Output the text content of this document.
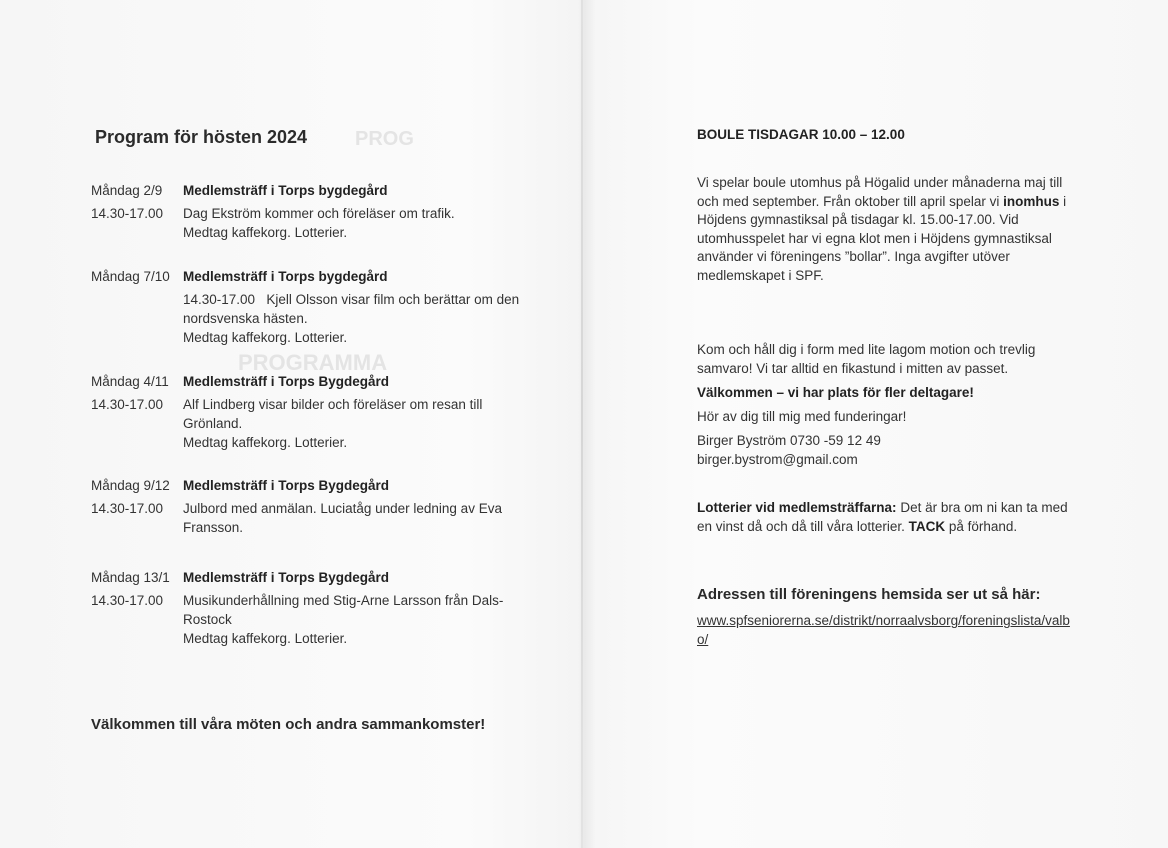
PROG
PROGRAMMA
Program för hösten 2024
Måndag 2/9	Medlemsträff i Torps bygdegård
14.30-17.00	Dag Ekström kommer och föreläser om trafik.
Medtag kaffekorg. Lotterier.
Måndag 7/10 Medlemsträff i Torps bygdegård
14.30-17.00 Kjell Olsson visar film och berättar om den
nordsvenska hästen.
Medtag kaffekorg. Lotterier.
Måndag 4/11	Medlemsträff i Torps Bygdegård
14.30-17.00	Alf Lindberg visar bilder och föreläser om resan till
Grönland.
Medtag kaffekorg. Lotterier.
Måndag 9/12 Medlemsträff i Torps Bygdegård
14.30-17.00	Julbord med anmälan. Luciatåg under ledning av Eva
Fransson.
Måndag 13/1 Medlemsträff i Torps Bygdegård
14.30-17.00	Musikunderhållning med Stig-Arne Larsson från Dals-
Rostock
Medtag kaffekorg. Lotterier.
Välkommen till våra möten och andra sammankomster!
BOULE TISDAGAR 10.00 – 12.00
Vi spelar boule utomhus på Högalid under månaderna maj till och med september. Från oktober till april spelar vi inomhus i Höjdens gymnastiksal på tisdagar kl. 15.00-17.00. Vid utomhusspelet har vi egna klot men i Höjdens gymnastiksal använder vi föreningens ”bollar”. Inga avgifter utöver medlemskapet i SPF.
Kom och håll dig i form med lite lagom motion och trevlig samvaro! Vi tar alltid en fikastund i mitten av passet.
Välkommen – vi har plats för fler deltagare!
Hör av dig till mig med funderingar!
Birger Byström 0730 -59 12 49
birger.bystrom@gmail.com
Lotterier vid medlemsträffarna: Det är bra om ni kan ta med en vinst då och då till våra lotterier. TACK på förhand.
Adressen till föreningens hemsida ser ut så här:
www.spfseniorerna.se/distrikt/norraalvsborg/foreningslista/valbo/
